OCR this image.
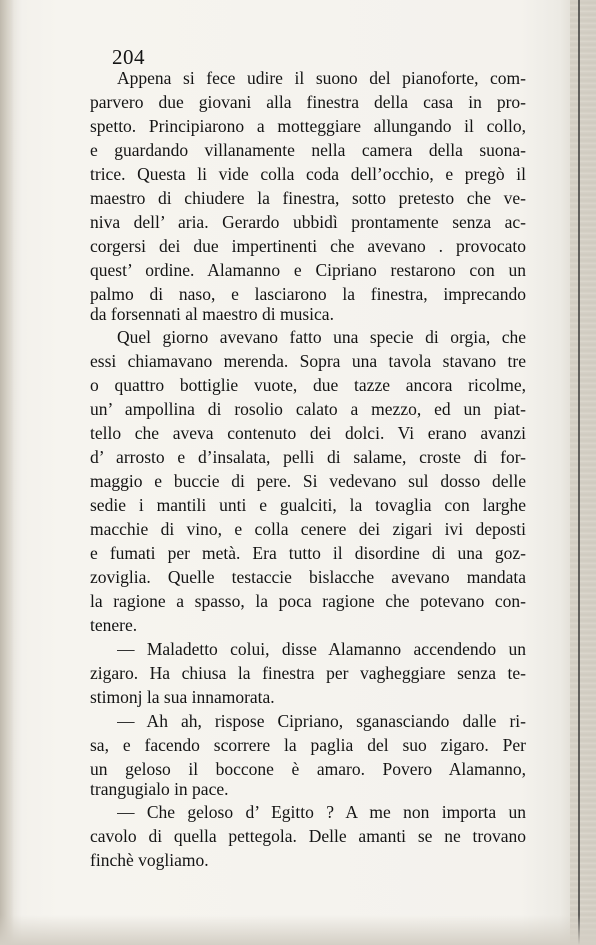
204
Appena si fece udire il suono del pianoforte, com-
parvero due giovani alla finestra della casa in pro-
spetto. Principiarono a motteggiare allungando il collo,
e guardando villanamente nella camera della suona-
trice. Questa li vide colla coda dell’occhio, e pregò il
maestro di chiudere la finestra, sotto pretesto che ve-
niva dell’ aria. Gerardo ubbidì prontamente senza ac-
corgersi dei due impertinenti che avevano . provocato
quest’ ordine. Alamanno e Cipriano restarono con un
palmo di naso, e lasciarono la finestra, imprecando
da forsennati al maestro di musica.
Quel giorno avevano fatto una specie di orgia, che
essi chiamavano merenda. Sopra una tavola stavano tre
o quattro bottiglie vuote, due tazze ancora ricolme,
un’ ampollina di rosolio calato a mezzo, ed un piat-
tello che aveva contenuto dei dolci. Vi erano avanzi
d’ arrosto e d’insalata, pelli di salame, croste di for-
maggio e buccie di pere. Si vedevano sul dosso delle
sedie i mantili unti e gualciti, la tovaglia con larghe
macchie di vino, e colla cenere dei zigari ivi deposti
e fumati per metà. Era tutto il disordine di una goz-
zoviglia. Quelle testaccie bislacche avevano mandata
la ragione a spasso, la poca ragione che potevano con-
tenere.
— Maladetto colui, disse Alamanno accendendo un
zigaro. Ha chiusa la finestra per vagheggiare senza te-
stimonj la sua innamorata.
— Ah ah, rispose Cipriano, sganasciando dalle ri-
sa, e facendo scorrere la paglia del suo zigaro. Per
un geloso il boccone è amaro. Povero Alamanno,
trangugialo in pace.
— Che geloso d’ Egitto ? A me non importa un
cavolo di quella pettegola. Delle amanti se ne trovano
finchè vogliamo.
